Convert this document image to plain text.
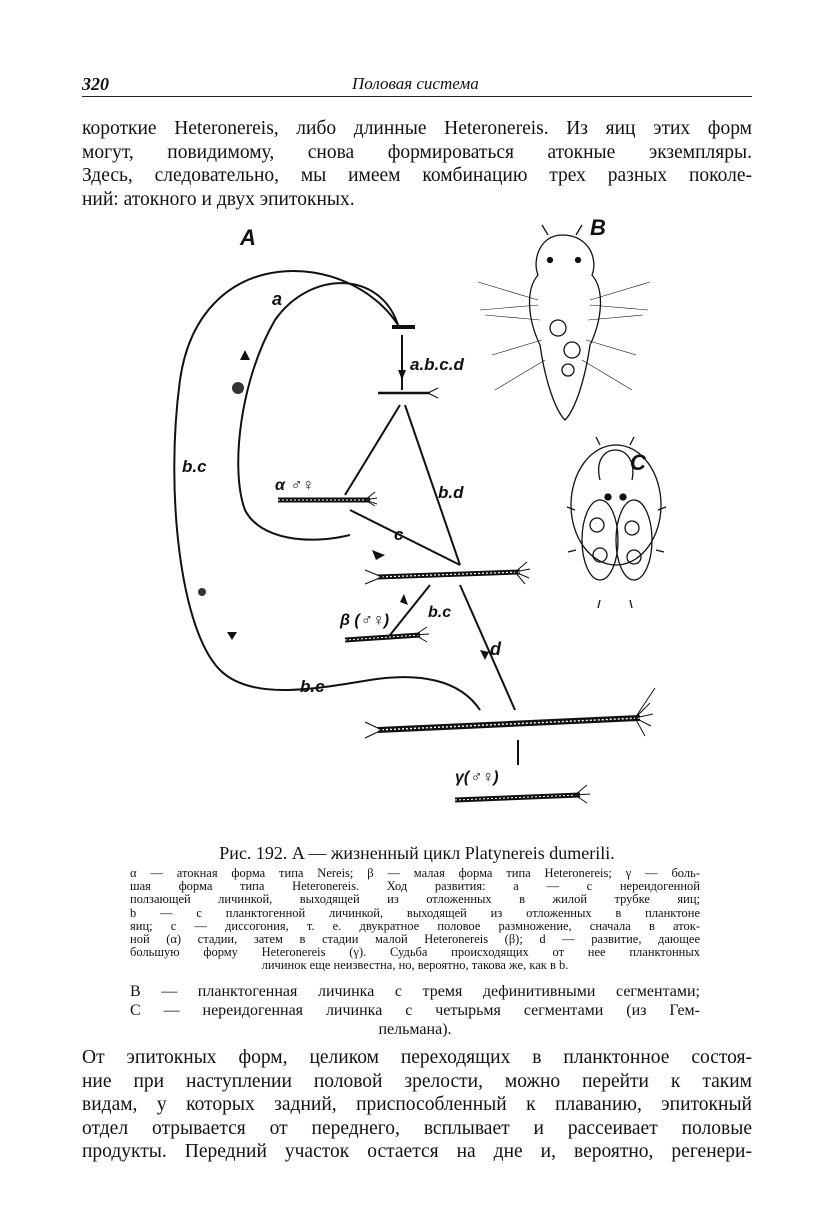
320	Половая система
короткие Heteronereis, либо длинные Heteronereis. Из яиц этих форм
могут, повидимому, снова формироваться атокные экземпляры.
Здесь, следовательно, мы имеем комбинацию трех разных поколе-
ний: атокного и двух эпитокных.
A	B
C
a
a.b.c.d
b.c
b.d
c
b.c
d
b.c
α ♂♀
β (♂♀)
γ(♂♀)
Рис. 192. A — жизненный цикл Platynereis dumerili.
α — атокная форма типа Nereis; β — малая форма типа Heteronereis; γ — боль-
шая форма типа Heteronereis. Ход развития: a — с нереидогенной
ползающей личинкой, выходящей из отложенных в жилой трубке яиц;
b — с планктогенной личинкой, выходящей из отложенных в планктоне
яиц; c — диссогония, т. е. двукратное половое размножение, сначала в аток-
ной (α) стадии, затем в стадии малой Heteronereis (β); d — развитие, дающее
большую форму Heteronereis (γ). Судьба происходящих от нее планктонных
личинок еще неизвестна, но, вероятно, такова же, как в b.
B — планктогенная личинка с тремя дефинитивными сегментами;
C — нереидогенная личинка с четырьмя сегментами (из Гем-
пельмана).
От эпитокных форм, целиком переходящих в планктонное состоя-
ние при наступлении половой зрелости, можно перейти к таким
видам, у которых задний, приспособленный к плаванию, эпитокный
отдел отрывается от переднего, всплывает и рассеивает половые
продукты. Передний участок остается на дне и, вероятно, регенери-
